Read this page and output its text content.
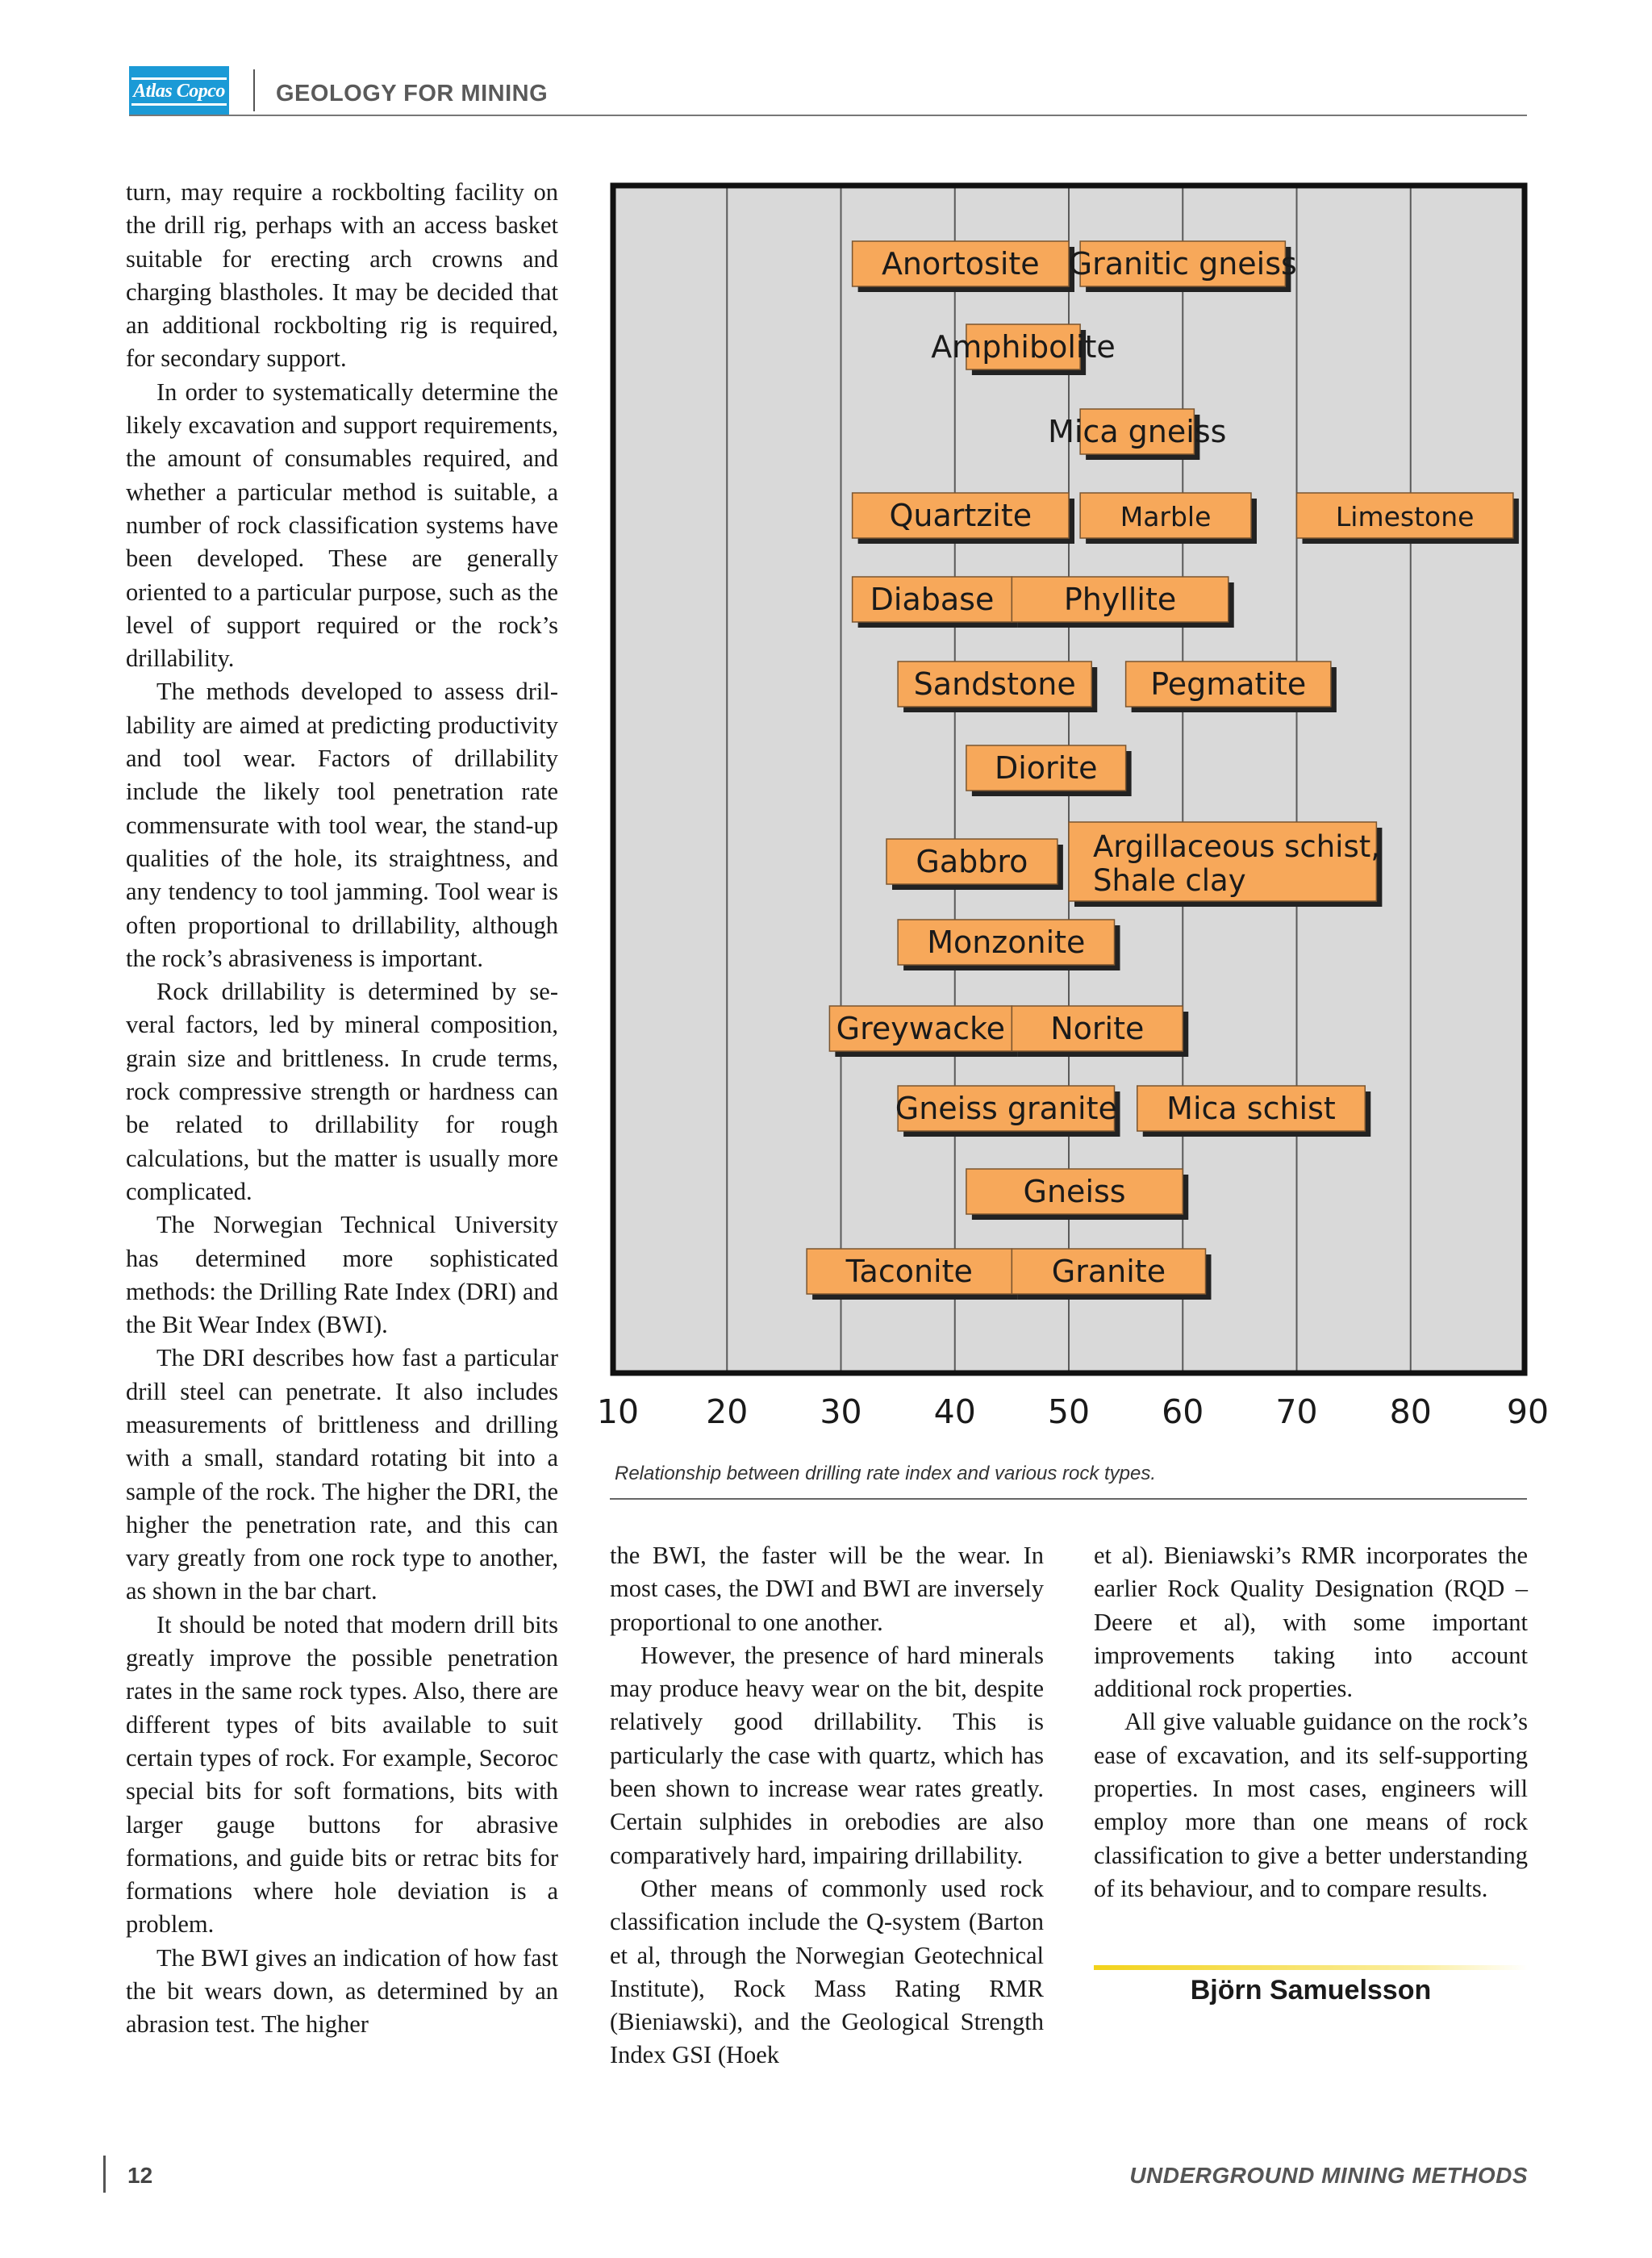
Atlas Copco GEOLOGY FOR MINING

turn, may require a rockbolting facility on the drill rig, perhaps with an access basket suitable for erecting arch crowns and charging blastholes. It may be decided that an additional rockbolting rig is required, for secondary support.

In order to systematically determine the likely excavation and support requirements, the amount of consumables required, and whether a particular method is suitable, a number of rock classification systems have been developed. These are generally oriented to a particular purpose, such as the level of support required or the rock’s drillability.

The methods developed to assess drillability are aimed at predicting productivity and tool wear. Factors of drillability include the likely tool penetration rate commensurate with tool wear, the stand-up qualities of the hole, its straightness, and any tendency to tool jamming. Tool wear is often proportional to drillability, although the rock’s abrasiveness is important.

Rock drillability is determined by several factors, led by mineral composition, grain size and brittleness. In crude terms, rock compressive strength or hardness can be related to drillability for rough calculations, but the matter is usually more complicated.

The Norwegian Technical University has determined more sophisticated methods: the Drilling Rate Index (DRI) and the Bit Wear Index (BWI).

The DRI describes how fast a particular drill steel can penetrate. It also includes measurements of brittleness and drilling with a small, standard rotating bit into a sample of the rock. The higher the DRI, the higher the penetration rate, and this can vary greatly from one rock type to another, as shown in the bar chart.

It should be noted that modern drill bits greatly improve the possible penetration rates in the same rock types. Also, there are different types of bits available to suit certain types of rock. For example, Secoroc special bits for soft formations, bits with larger gauge buttons for abrasive formations, and guide bits or retrac bits for formations where hole deviation is a problem.

The BWI gives an indication of how fast the bit wears down, as determined by an abrasion test. The higher

10 20 30 40 50 60 70 80 90
Anortosite Granitic gneiss
Amphibolite
Mica gneiss
Quartzite	Marble	Limestone
Diabase Phyllite
Sandstone Pegmatite
Diorite
Gabbro Argillaceous schist, Shale clay
Monzonite
Greywacke Norite
Gneiss granite Mica schist
Gneiss
Taconite	Granite
Relationship between drilling rate index and various rock types.

the BWI, the faster will be the wear. In most cases, the DWI and BWI are inversely proportional to one another.

However, the presence of hard minerals may produce heavy wear on the bit, despite relatively good drillability. This is particularly the case with quartz, which has been shown to increase wear rates greatly. Certain sulphides in orebodies are also comparatively hard, impairing drillability.

Other means of commonly used rock classification include the Q-system (Barton et al, through the Norwegian Geotechnical Institute), Rock Mass Rating RMR (Bieniawski), and the Geological Strength Index GSI (Hoek

et al). Bieniawski’s RMR incorporates the earlier Rock Quality Designation (RQD – Deere et al), with some important improvements taking into account additional rock properties.

All give valuable guidance on the rock’s ease of excavation, and its self-supporting properties. In most cases, engineers will employ more than one means of rock classification to give a better understanding of its behaviour, and to compare results.

Björn Samuelsson
12	UNDERGROUND MINING METHODS
